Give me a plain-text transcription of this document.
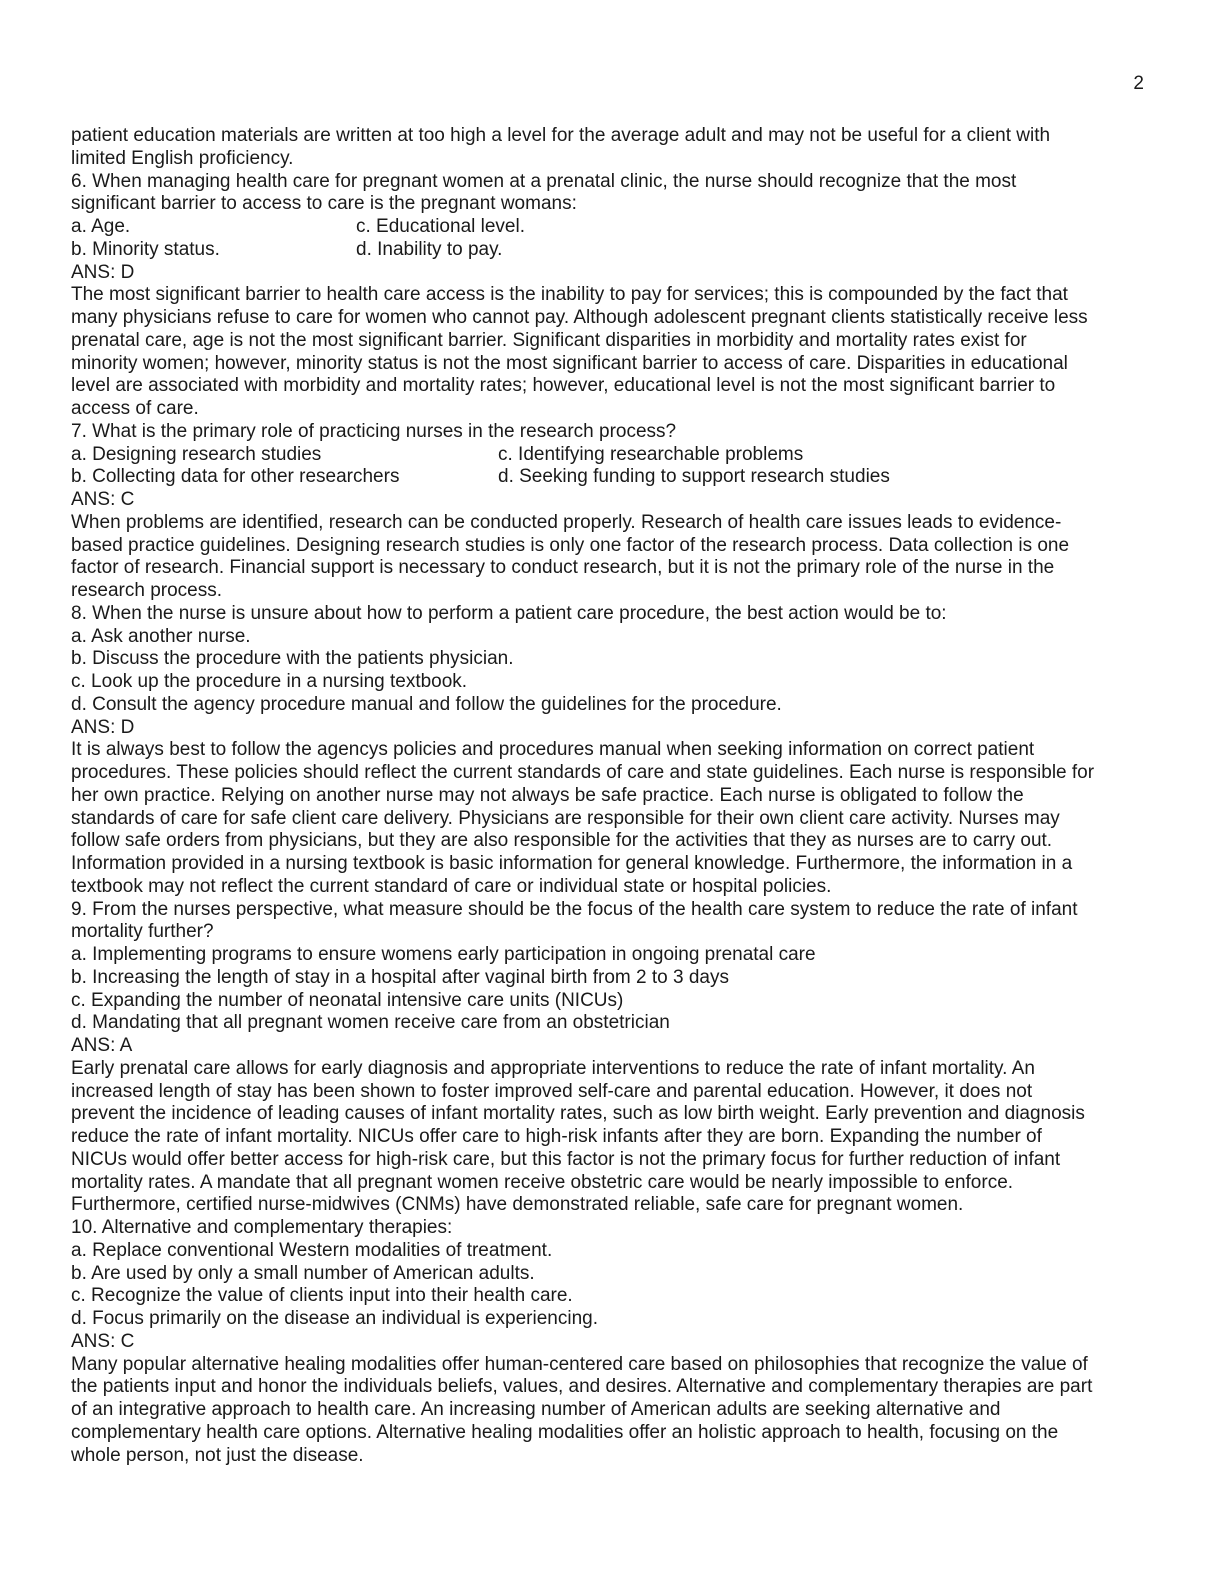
2
patient education materials are written at too high a level for the average adult and may not be useful for a client with
limited English proficiency.
6. When managing health care for pregnant women at a prenatal clinic, the nurse should recognize that the most
significant barrier to access to care is the pregnant womans:
a. Age.	c. Educational level.
b. Minority status.	d. Inability to pay.
ANS: D
The most significant barrier to health care access is the inability to pay for services; this is compounded by the fact that
many physicians refuse to care for women who cannot pay. Although adolescent pregnant clients statistically receive less
prenatal care, age is not the most significant barrier. Significant disparities in morbidity and mortality rates exist for
minority women; however, minority status is not the most significant barrier to access of care. Disparities in educational
level are associated with morbidity and mortality rates; however, educational level is not the most significant barrier to
access of care.
7. What is the primary role of practicing nurses in the research process?
a. Designing research studies	c. Identifying researchable problems
b. Collecting data for other researchers	d. Seeking funding to support research studies
ANS: C
When problems are identified, research can be conducted properly. Research of health care issues leads to evidence-
based practice guidelines. Designing research studies is only one factor of the research process. Data collection is one
factor of research. Financial support is necessary to conduct research, but it is not the primary role of the nurse in the
research process.
8. When the nurse is unsure about how to perform a patient care procedure, the best action would be to:
a. Ask another nurse.
b. Discuss the procedure with the patients physician.
c. Look up the procedure in a nursing textbook.
d. Consult the agency procedure manual and follow the guidelines for the procedure.
ANS: D
It is always best to follow the agencys policies and procedures manual when seeking information on correct patient
procedures. These policies should reflect the current standards of care and state guidelines. Each nurse is responsible for
her own practice. Relying on another nurse may not always be safe practice. Each nurse is obligated to follow the
standards of care for safe client care delivery. Physicians are responsible for their own client care activity. Nurses may
follow safe orders from physicians, but they are also responsible for the activities that they as nurses are to carry out.
Information provided in a nursing textbook is basic information for general knowledge. Furthermore, the information in a
textbook may not reflect the current standard of care or individual state or hospital policies.
9. From the nurses perspective, what measure should be the focus of the health care system to reduce the rate of infant
mortality further?
a. Implementing programs to ensure womens early participation in ongoing prenatal care
b. Increasing the length of stay in a hospital after vaginal birth from 2 to 3 days
c. Expanding the number of neonatal intensive care units (NICUs)
d. Mandating that all pregnant women receive care from an obstetrician
ANS: A
Early prenatal care allows for early diagnosis and appropriate interventions to reduce the rate of infant mortality. An
increased length of stay has been shown to foster improved self-care and parental education. However, it does not
prevent the incidence of leading causes of infant mortality rates, such as low birth weight. Early prevention and diagnosis
reduce the rate of infant mortality. NICUs offer care to high-risk infants after they are born. Expanding the number of
NICUs would offer better access for high-risk care, but this factor is not the primary focus for further reduction of infant
mortality rates. A mandate that all pregnant women receive obstetric care would be nearly impossible to enforce.
Furthermore, certified nurse-midwives (CNMs) have demonstrated reliable, safe care for pregnant women.
10. Alternative and complementary therapies:
a. Replace conventional Western modalities of treatment.
b. Are used by only a small number of American adults.
c. Recognize the value of clients input into their health care.
d. Focus primarily on the disease an individual is experiencing.
ANS: C
Many popular alternative healing modalities offer human-centered care based on philosophies that recognize the value of
the patients input and honor the individuals beliefs, values, and desires. Alternative and complementary therapies are part
of an integrative approach to health care. An increasing number of American adults are seeking alternative and
complementary health care options. Alternative healing modalities offer an holistic approach to health, focusing on the
whole person, not just the disease.
